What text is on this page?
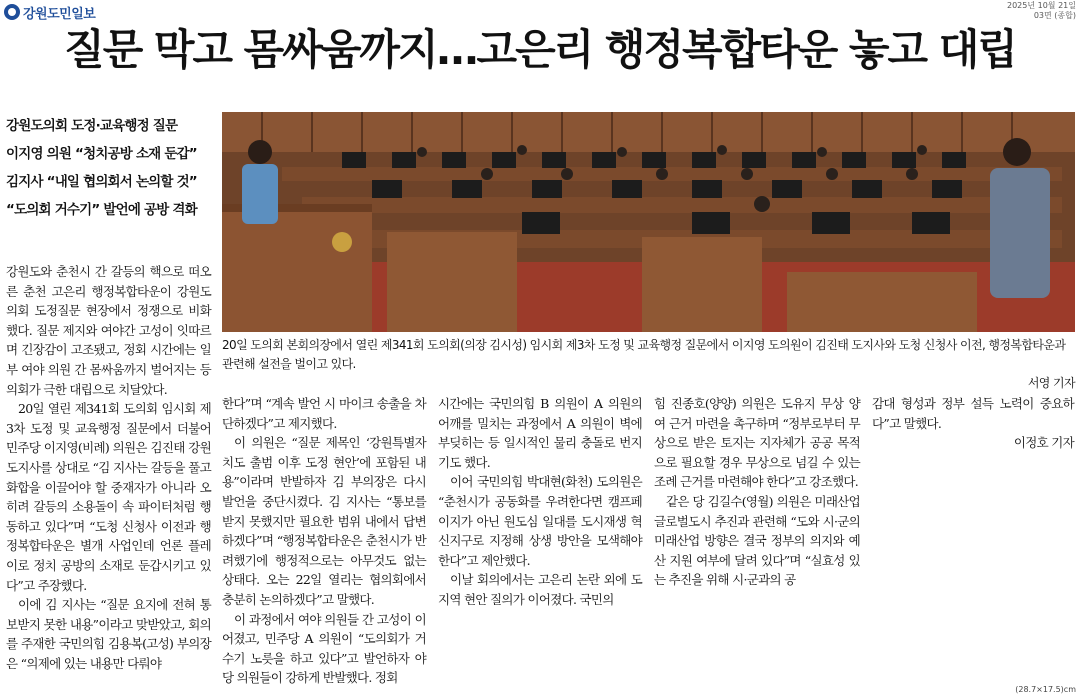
강원도민일보
2025년 10월 21일
03면 (종합)
질문 막고 몸싸움까지…고은리 행정복합타운 놓고 대립
강원도의회 도정·교육행정 질문
이지영 의원 “청치공방 소재 둔갑”
김지사 “내일 협의회서 논의할 것”
“도의회 거수기” 발언에 공방 격화
20일 도의회 본회의장에서 열린 제341회 도의회(의장 김시성) 임시회 제3차 도정 및 교육행정 질문에서 이지영 도의원이 김진태 도지사와 도청 신청사 이전, 행정복합타운과 관련해 설전을 벌이고 있다.
서영 기자

강원도와 춘천시 간 갈등의 핵으로 떠오른 춘천 고은리 행정복합타운이 강원도의회 도정질문 현장에서 정쟁으로 비화했다. 질문 제지와 여야간 고성이 잇따르며 긴장감이 고조됐고, 정회 시간에는 일부 여야 의원 간 몸싸움까지 벌어지는 등 의회가 극한 대립으로 치달았다.

20일 열린 제341회 도의회 임시회 제3차 도정 및 교육행정 질문에서 더불어민주당 이지영(비례) 의원은 김진태 강원도지사를 상대로 “김 지사는 갈등을 풀고 화합을 이끌어야 할 중재자가 아니라 오히려 갈등의 소용돌이 속 파이터처럼 행동하고 있다”며 “도청 신청사 이전과 행정복합타운은 별개 사업인데 언론 플레이로 정치 공방의 소재로 둔갑시키고 있다”고 주장했다.

이에 김 지사는 “질문 요지에 전혀 통보받지 못한 내용”이라고 맞받았고, 회의를 주재한 국민의힘 김용복(고성) 부의장은 “의제에 있는 내용만 다뤄야

한다”며 “계속 발언 시 마이크 송출을 차단하겠다”고 제지했다.

이 의원은 “질문 제목인 ‘강원특별자치도 출범 이후 도정 현안’에 포함된 내용”이라며 반발하자 김 부의장은 다시 발언을 중단시켰다. 김 지사는 “통보를 받지 못했지만 필요한 범위 내에서 답변하겠다”며 “행정복합타운은 춘천시가 반려했기에 행정적으로는 아무것도 없는 상태다. 오는 22일 열리는 협의회에서 충분히 논의하겠다”고 말했다.

이 과정에서 여야 의원들 간 고성이 이어졌고, 민주당 A 의원이 “도의회가 거수기 노릇을 하고 있다”고 발언하자 야당 의원들이 강하게 반발했다. 정회

시간에는 국민의힘 B 의원이 A 의원의 어깨를 밀치는 과정에서 A 의원이 벽에 부딪히는 등 일시적인 물리 충돌로 번지기도 했다.

이어 국민의힘 박대현(화천) 도의원은 “춘천시가 공동화를 우려한다면 캠프페이지가 아닌 원도심 일대를 도시재생 혁신지구로 지정해 상생 방안을 모색해야 한다”고 제안했다.

이날 회의에서는 고은리 논란 외에 도 지역 현안 질의가 이어졌다. 국민의

힘 진종호(양양) 의원은 도유지 무상 양여 근거 마련을 촉구하며 “정부로부터 무상으로 받은 토지는 지자체가 공공 목적으로 필요할 경우 무상으로 넘길 수 있는 조례 근거를 마련해야 한다”고 강조했다.

같은 당 김길수(영월) 의원은 미래산업글로벌도시 추진과 관련해 “도와 시·군의 미래산업 방향은 결국 정부의 의지와 예산 지원 여부에 달려 있다”며 “실효성 있는 추진을 위해 시·군과의 공

감대 형성과 정부 설득 노력이 중요하다”고 말했다.

이정호 기자
(28.7×17.5)cm
